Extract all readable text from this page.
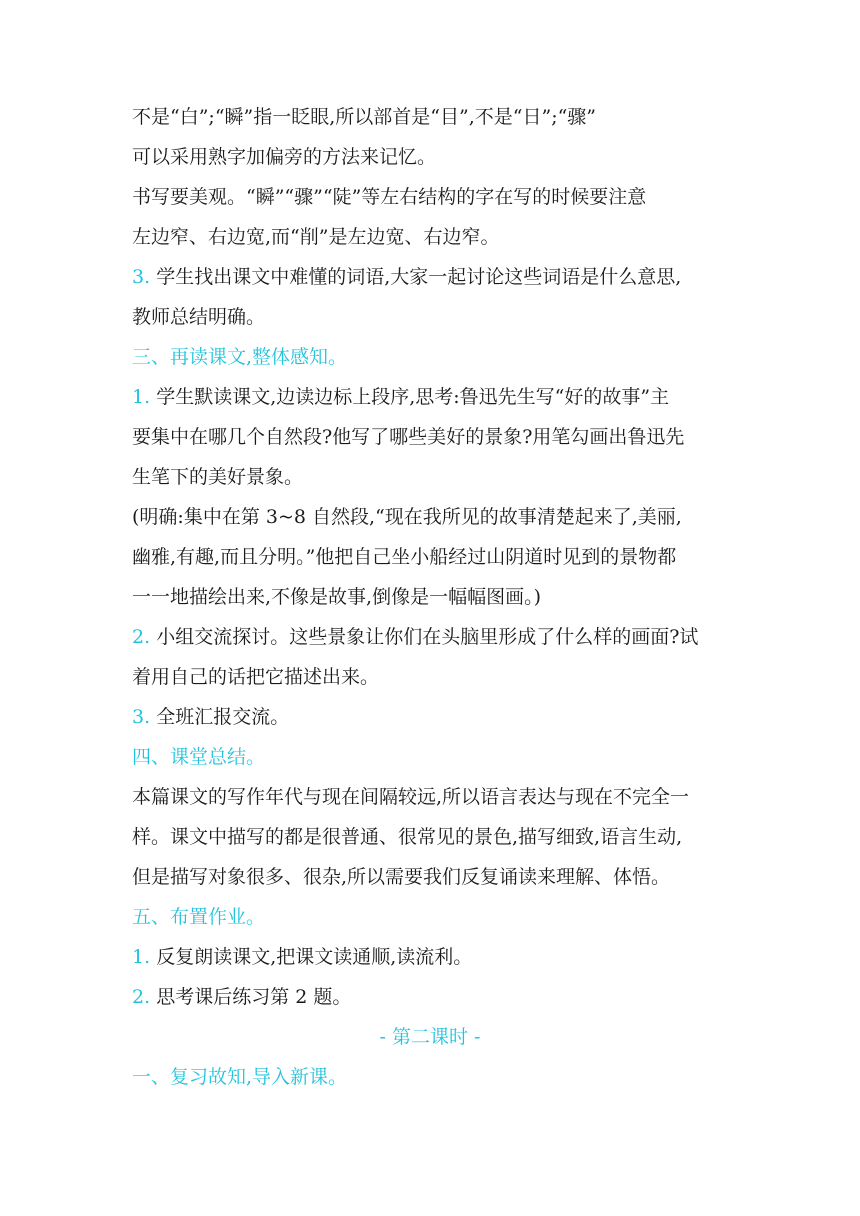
不是“白”;“瞬”指一眨眼,所以部首是“目”,不是“日”;“骤”
可以采用熟字加偏旁的方法来记忆。
书写要美观。“瞬”“骤”“陡”等左右结构的字在写的时候要注意
左边窄、右边宽,而“削”是左边宽、右边窄。
3. 学生找出课文中难懂的词语,大家一起讨论这些词语是什么意思,
教师总结明确。
三、再读课文,整体感知。
1. 学生默读课文,边读边标上段序,思考:鲁迅先生写“好的故事”主
要集中在哪几个自然段?他写了哪些美好的景象?用笔勾画出鲁迅先
生笔下的美好景象。
(明确:集中在第 3~8 自然段,“现在我所见的故事清楚起来了,美丽,
幽雅,有趣,而且分明。”他把自己坐小船经过山阴道时见到的景物都
一一地描绘出来,不像是故事,倒像是一幅幅图画。)
2. 小组交流探讨。这些景象让你们在头脑里形成了什么样的画面?试
着用自己的话把它描述出来。
3. 全班汇报交流。
四、课堂总结。
本篇课文的写作年代与现在间隔较远,所以语言表达与现在不完全一
样。课文中描写的都是很普通、很常见的景色,描写细致,语言生动,
但是描写对象很多、很杂,所以需要我们反复诵读来理解、体悟。
五、布置作业。
1. 反复朗读课文,把课文读通顺,读流利。
2. 思考课后练习第 2 题。
- 第二课时 -
一、复习故知,导入新课。
